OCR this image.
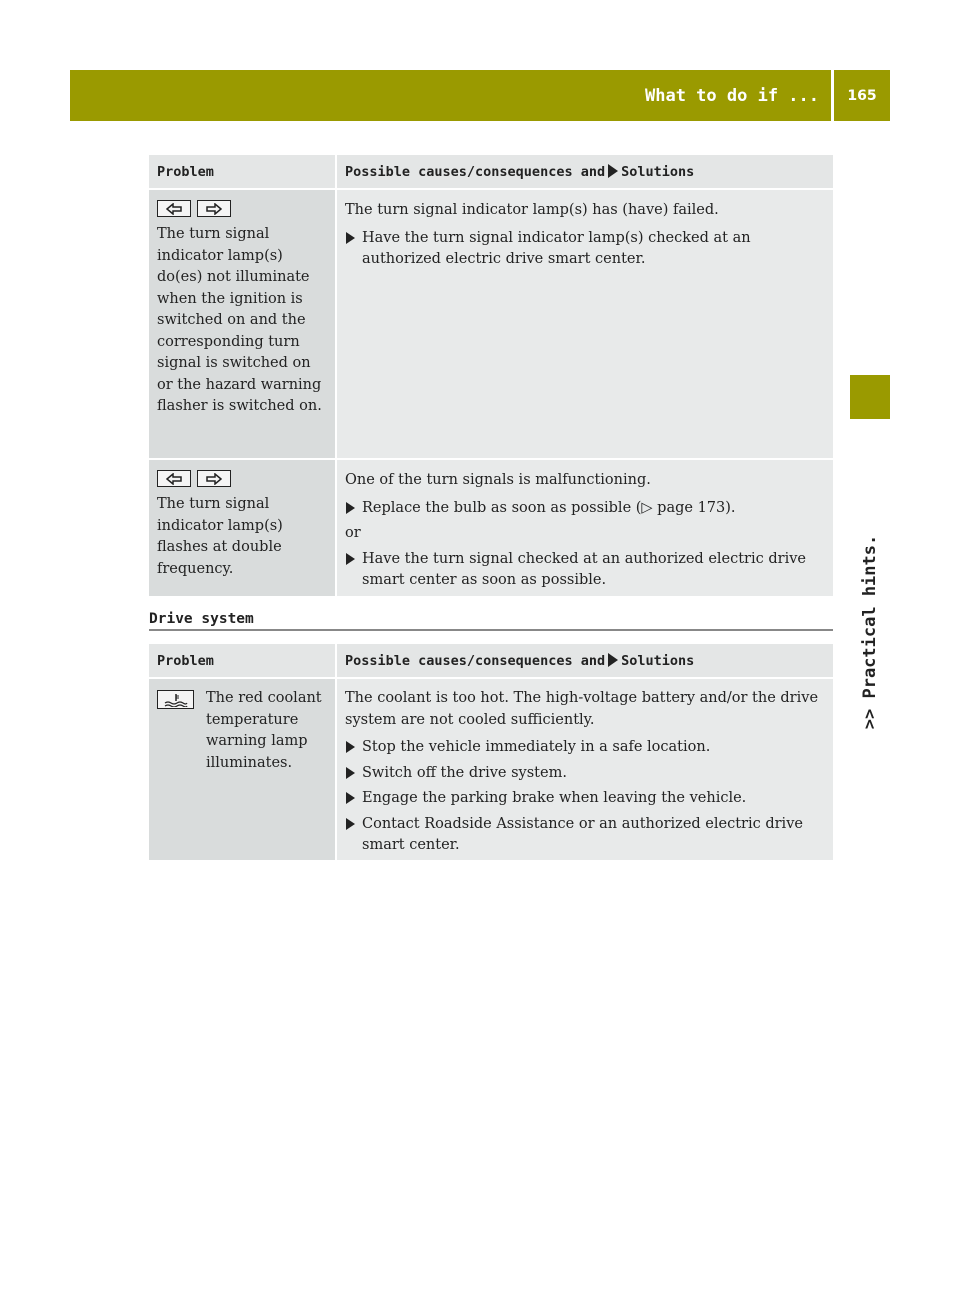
What to do if ...	165
>> Practical hints.
Problem	Possible causes/consequences and Solutions

The turn signal indicator lamp(s) do(es) not illuminate when the ignition is switched on and the corresponding turn signal is switched on or the hazard warning flasher is switched on.	The turn signal indicator lamp(s) has (have) failed.

Have the turn signal indicator lamp(s) checked at an authorized electric drive smart center.

The turn signal indicator lamp(s) flashes at double frequency.	One of the turn signals is malfunctioning.

Replace the bulb as soon as possible (▷ page 173).

or

Have the turn signal checked at an authorized electric drive smart center as soon as possible.
Drive system
Problem	Possible causes/consequences and Solutions

The red coolant temperature warning lamp illuminates.	The coolant is too hot. The high-voltage battery and/or the drive system are not cooled sufficiently.

Stop the vehicle immediately in a safe location.
Switch off the drive system.
Engage the parking brake when leaving the vehicle.
Contact Roadside Assistance or an authorized electric drive smart center.
